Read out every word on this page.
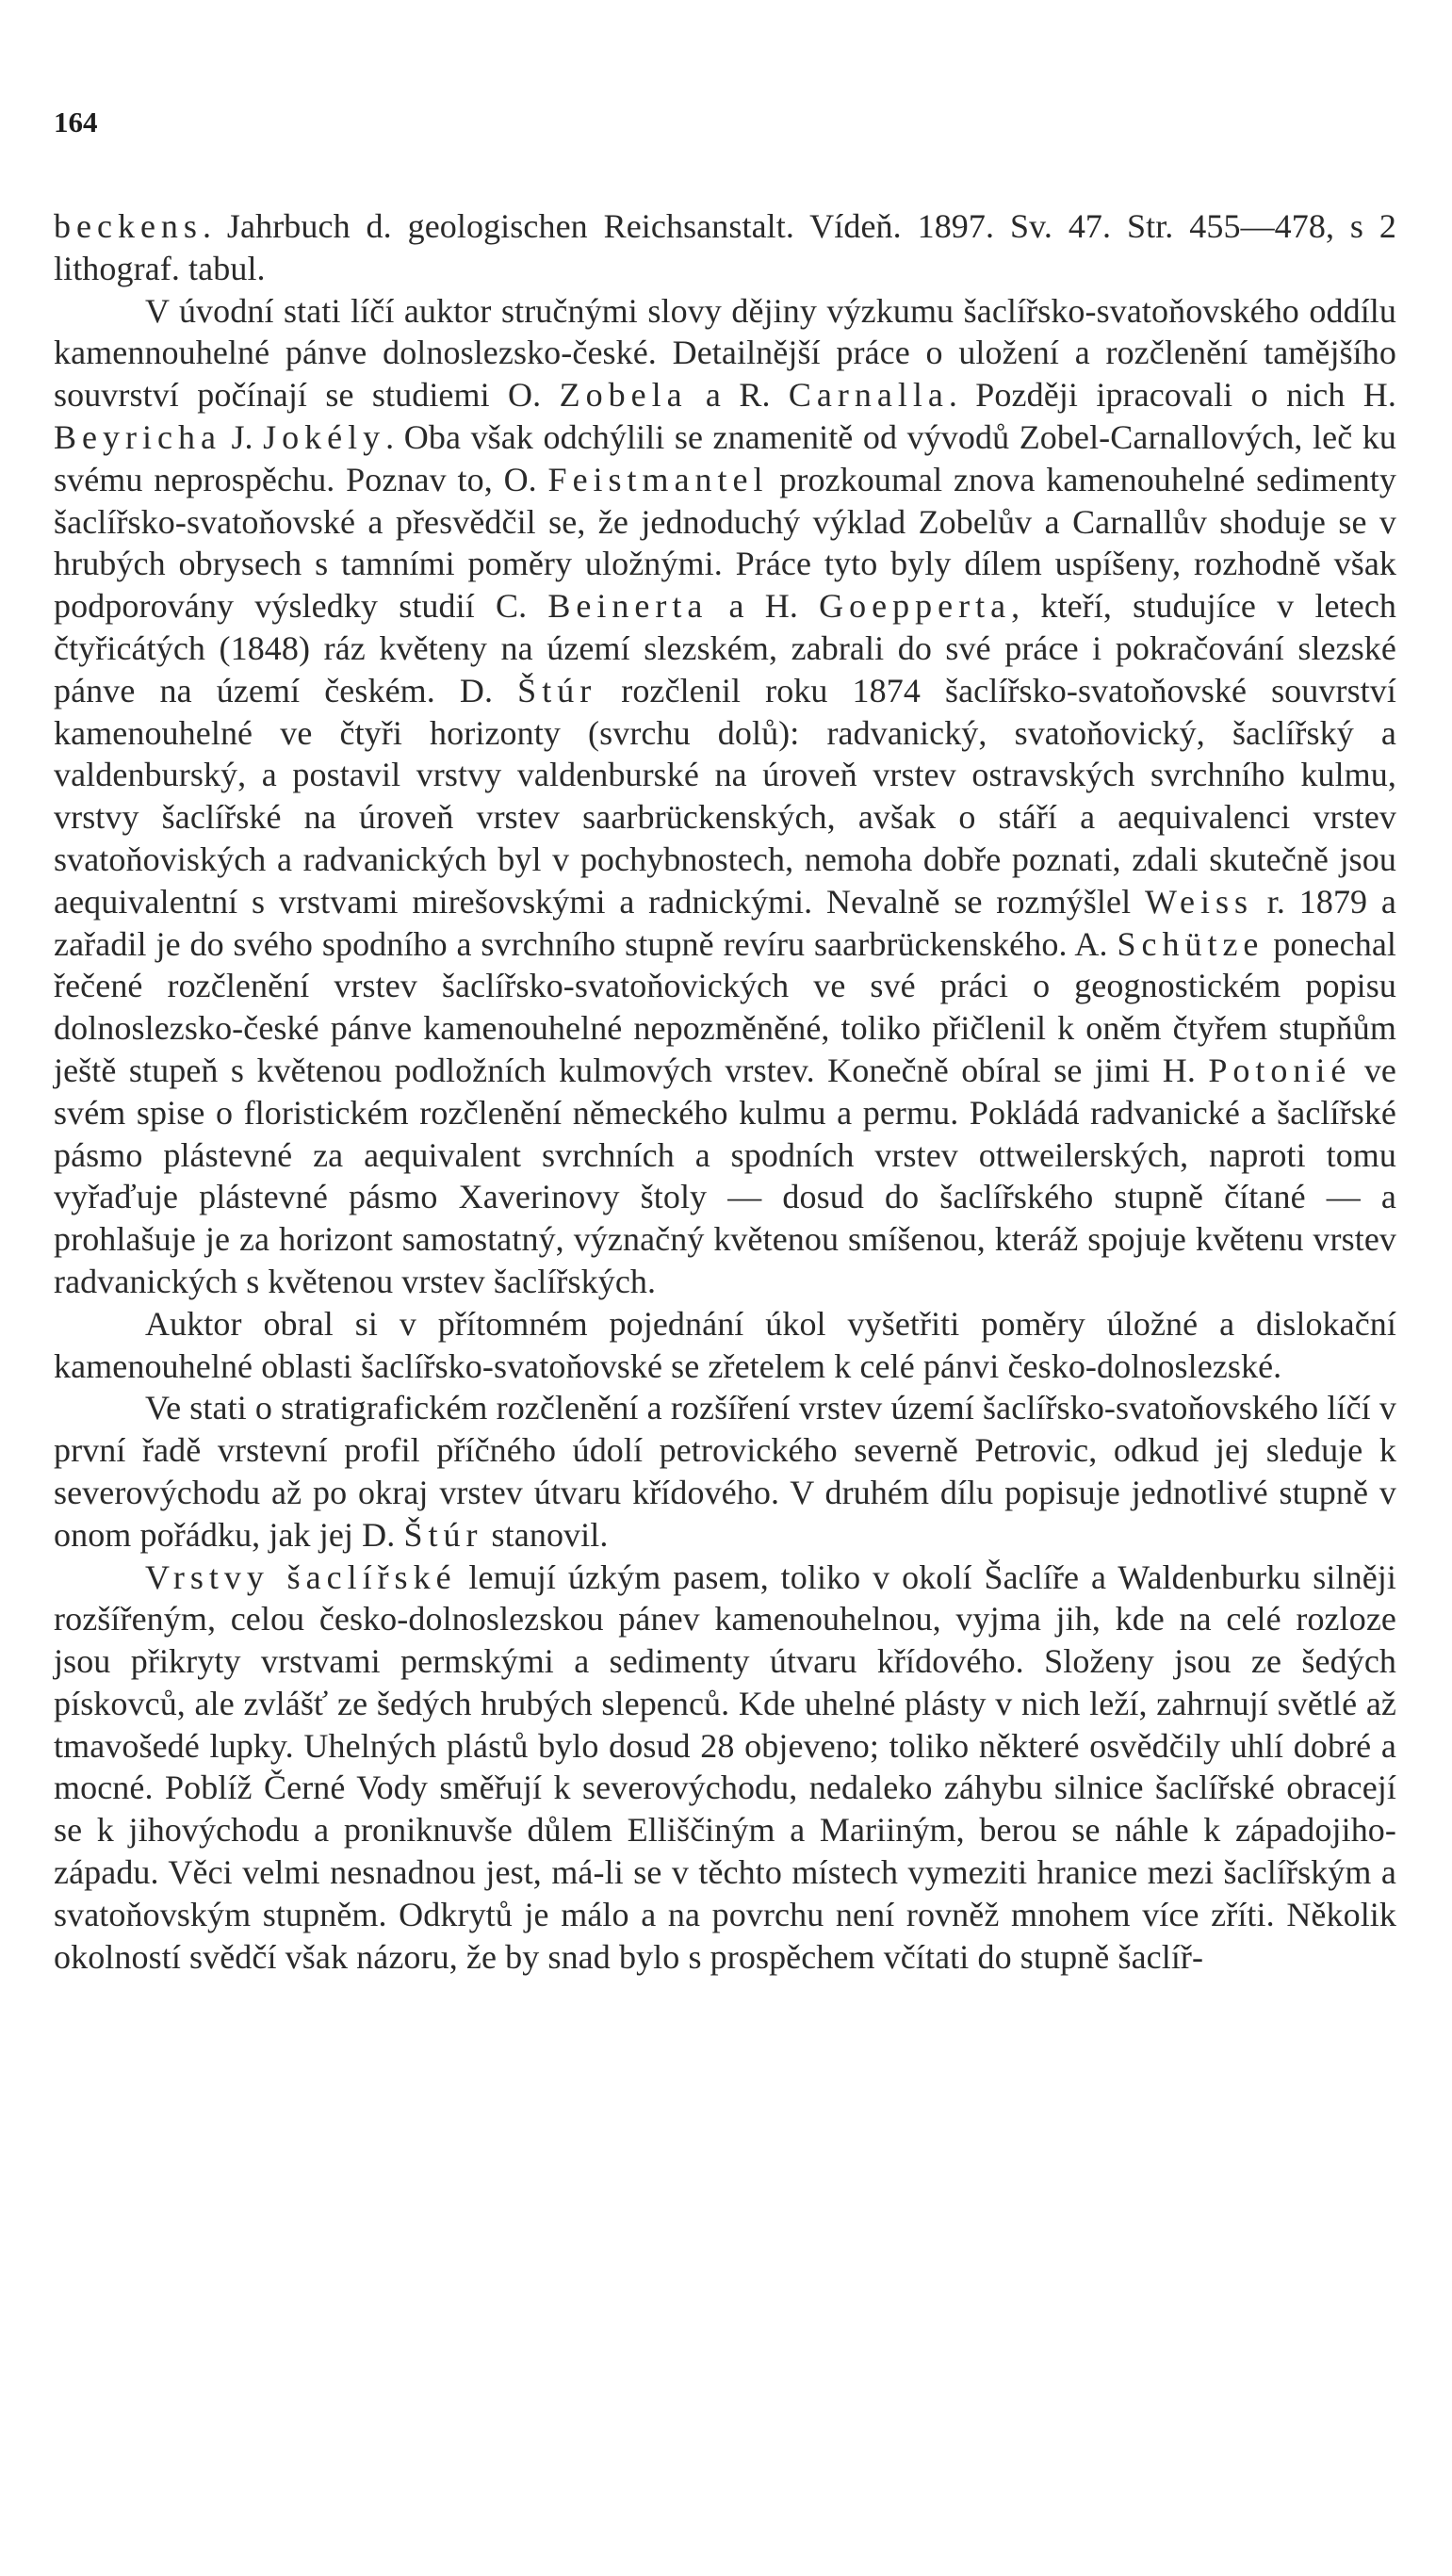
164

beckens. Jahrbuch d. geologischen Reichsanstalt. Vídeň. 1897. Sv. 47. Str. 455—478, s 2 lithograf. tabul.

V úvodní stati líčí auktor stručnými slovy dějiny výzkumu šaclířsko-svatoňovského oddílu kamennouhelné pánve dolnoslezsko-české. Detailnější práce o uložení a rozčlenění tamějšího souvrství počínají se studiemi O. Zobela a R. Carnalla. Později ipracovali o nich H. Beyricha J. Jokély. Oba však odchýlili se znamenitě od vývodů Zobel-Carnallových, leč ku svému neprospěchu. Poznav to, O. Feistmantel prozkoumal znova kamenouhelné sedimenty šaclířsko-svatoňovské a přesvědčil se, že jednoduchý výklad Zobelův a Carnallův shoduje se v hrubých obrysech s tamními poměry uložnými. Práce tyto byly dílem uspíšeny, rozhodně však podporovány výsledky studií C. Beinerta a H. Goepperta, kteří, studujíce v letech čtyřicátých (1848) ráz květeny na území slezském, zabrali do své práce i pokračování slezské pánve na území českém. D. Štúr rozčlenil roku 1874 šaclířsko-svatoňovské souvrství kamenouhelné ve čtyři horizonty (svrchu dolů): radvanický, svatoňovický, šaclířský a valdenburský, a postavil vrstvy valdenburské na úroveň vrstev ostravských svrchního kulmu, vrstvy šaclířské na úroveň vrstev saarbrückenských, avšak o stáří a aequivalenci vrstev svatoňoviských a radvanických byl v pochybnostech, nemoha dobře poznati, zdali skutečně jsou aequivalentní s vrstvami mirešovskými a radnickými. Nevalně se rozmýšlel Weiss r. 1879 a zařadil je do svého spodního a svrchního stupně revíru saarbrückenského. A. Schütze ponechal řečené rozčlenění vrstev šaclířsko-svatoňovických ve své práci o geognostickém popisu dolnoslezsko-české pánve kamenouhelné nepozměněné, toliko přičlenil k oněm čtyřem stupňům ještě stupeň s květenou podložních kulmových vrstev. Konečně obíral se jimi H. Potonié ve svém spise o floristickém rozčlenění německého kulmu a permu. Pokládá radvanické a šaclířské pásmo plástevné za aequivalent svrchních a spodních vrstev ottweilerských, naproti tomu vyřaďuje plástevné pásmo Xaverinovy štoly — dosud do šaclířského stupně čítané — a prohlašuje je za horizont samostatný, význačný květenou smíšenou, kteráž spojuje květenu vrstev radvanických s květenou vrstev šaclířských.

Auktor obral si v přítomném pojednání úkol vyšetřiti poměry úložné a dislokační kamenouhelné oblasti šaclířsko-svatoňovské se zřetelem k celé pánvi česko-dolnoslezské.

Ve stati o stratigrafickém rozčlenění a rozšíření vrstev území šaclířsko-svatoňovského líčí v první řadě vrstevní profil příčného údolí petrovického severně Petrovic, odkud jej sleduje k severovýchodu až po okraj vrstev útvaru křídového. V druhém dílu popisuje jednotlivé stupně v onom pořádku, jak jej D. Štúr stanovil.

Vrstvy šaclířské lemují úzkým pasem, toliko v okolí Šaclíře a Waldenburku silněji rozšířeným, celou česko-dolnoslezskou pánev kamenouhelnou, vyjma jih, kde na celé rozloze jsou přikryty vrstvami permskými a sedimenty útvaru křídového. Složeny jsou ze šedých pískovců, ale zvlášť ze šedých hrubých slepenců. Kde uhelné plásty v nich leží, zahrnují světlé až tmavošedé lupky. Uhelných plástů bylo dosud 28 objeveno; toliko některé osvědčily uhlí dobré a mocné. Poblíž Černé Vody směřují k severovýchodu, nedaleko záhybu silnice šaclířské obracejí se k jihovýchodu a proniknuvše důlem Elliščiným a Mariiným, berou se náhle k západojiho-západu. Věci velmi nesnadnou jest, má-li se v těchto místech vymeziti hranice mezi šaclířským a svatoňovským stupněm. Odkrytů je málo a na povrchu není rovněž mnohem více zříti. Několik okolností svědčí však názoru, že by snad bylo s prospěchem včítati do stupně šaclíř-
